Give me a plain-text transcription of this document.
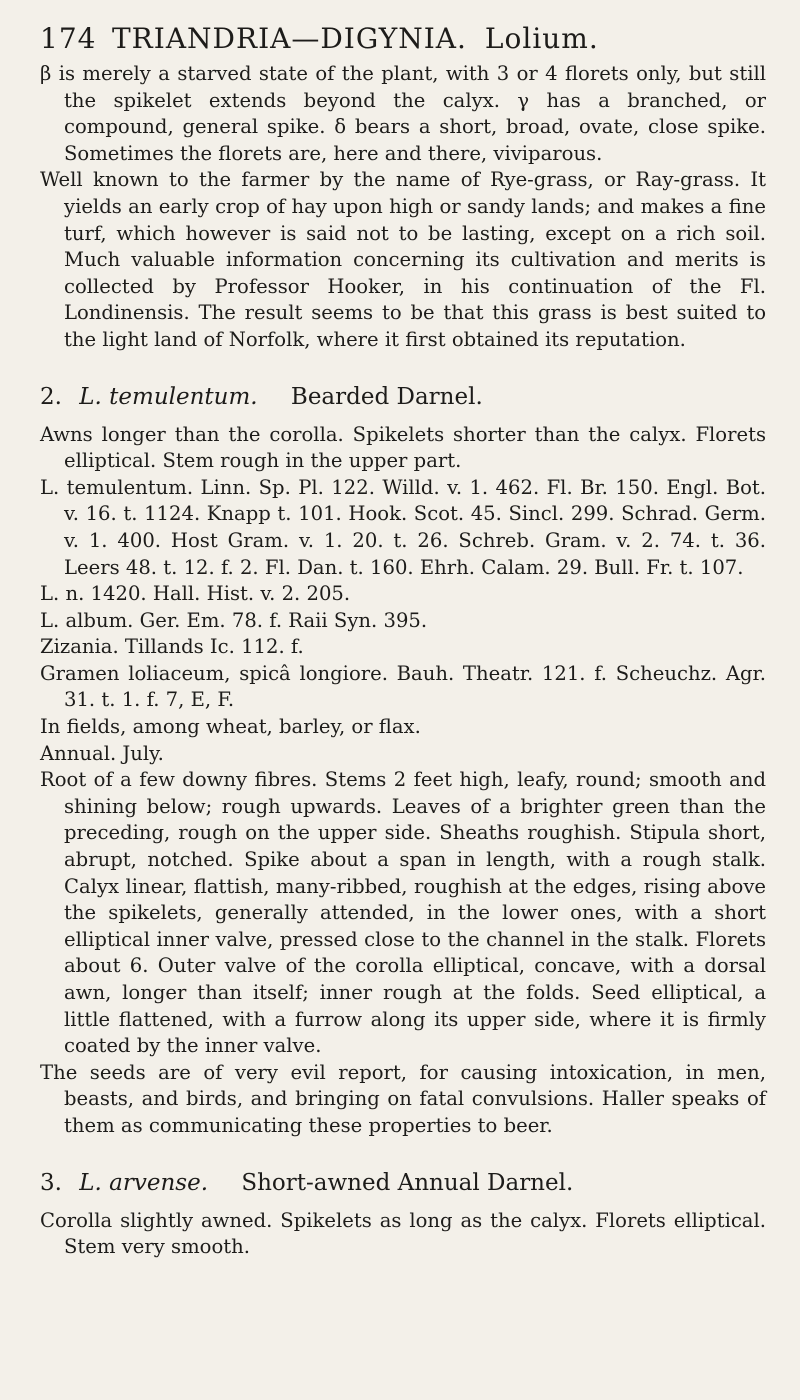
174 TRIANDRIA—DIGYNIA. Lolium.

β is merely a starved state of the plant, with 3 or 4 florets only, but still the spikelet extends beyond the calyx. γ has a branched, or compound, general spike. δ bears a short, broad, ovate, close spike. Sometimes the florets are, here and there, viviparous.

Well known to the farmer by the name of Rye-grass, or Ray-grass. It yields an early crop of hay upon high or sandy lands; and makes a fine turf, which however is said not to be lasting, except on a rich soil. Much valuable information concerning its cultivation and merits is collected by Professor Hooker, in his continuation of the Fl. Londinensis. The result seems to be that this grass is best suited to the light land of Norfolk, where it first obtained its reputation.

2. L. temulentum. Bearded Darnel.

Awns longer than the corolla. Spikelets shorter than the calyx. Florets elliptical. Stem rough in the upper part.

L. temulentum. Linn. Sp. Pl. 122. Willd. v. 1. 462. Fl. Br. 150. Engl. Bot. v. 16. t. 1124. Knapp t. 101. Hook. Scot. 45. Sincl. 299. Schrad. Germ. v. 1. 400. Host Gram. v. 1. 20. t. 26. Schreb. Gram. v. 2. 74. t. 36. Leers 48. t. 12. f. 2. Fl. Dan. t. 160. Ehrh. Calam. 29. Bull. Fr. t. 107.

L. n. 1420. Hall. Hist. v. 2. 205.

L. album. Ger. Em. 78. f. Raii Syn. 395.

Zizania. Tillands Ic. 112. f.

Gramen loliaceum, spicâ longiore. Bauh. Theatr. 121. f. Scheuchz. Agr. 31. t. 1. f. 7, E, F.

In fields, among wheat, barley, or flax.

Annual. July.

Root of a few downy fibres. Stems 2 feet high, leafy, round; smooth and shining below; rough upwards. Leaves of a brighter green than the preceding, rough on the upper side. Sheaths roughish. Stipula short, abrupt, notched. Spike about a span in length, with a rough stalk. Calyx linear, flattish, many-ribbed, roughish at the edges, rising above the spikelets, generally attended, in the lower ones, with a short elliptical inner valve, pressed close to the channel in the stalk. Florets about 6. Outer valve of the corolla elliptical, concave, with a dorsal awn, longer than itself; inner rough at the folds. Seed elliptical, a little flattened, with a furrow along its upper side, where it is firmly coated by the inner valve.

The seeds are of very evil report, for causing intoxication, in men, beasts, and birds, and bringing on fatal convulsions. Haller speaks of them as communicating these properties to beer.

3. L. arvense. Short-awned Annual Darnel.

Corolla slightly awned. Spikelets as long as the calyx. Florets elliptical. Stem very smooth.
